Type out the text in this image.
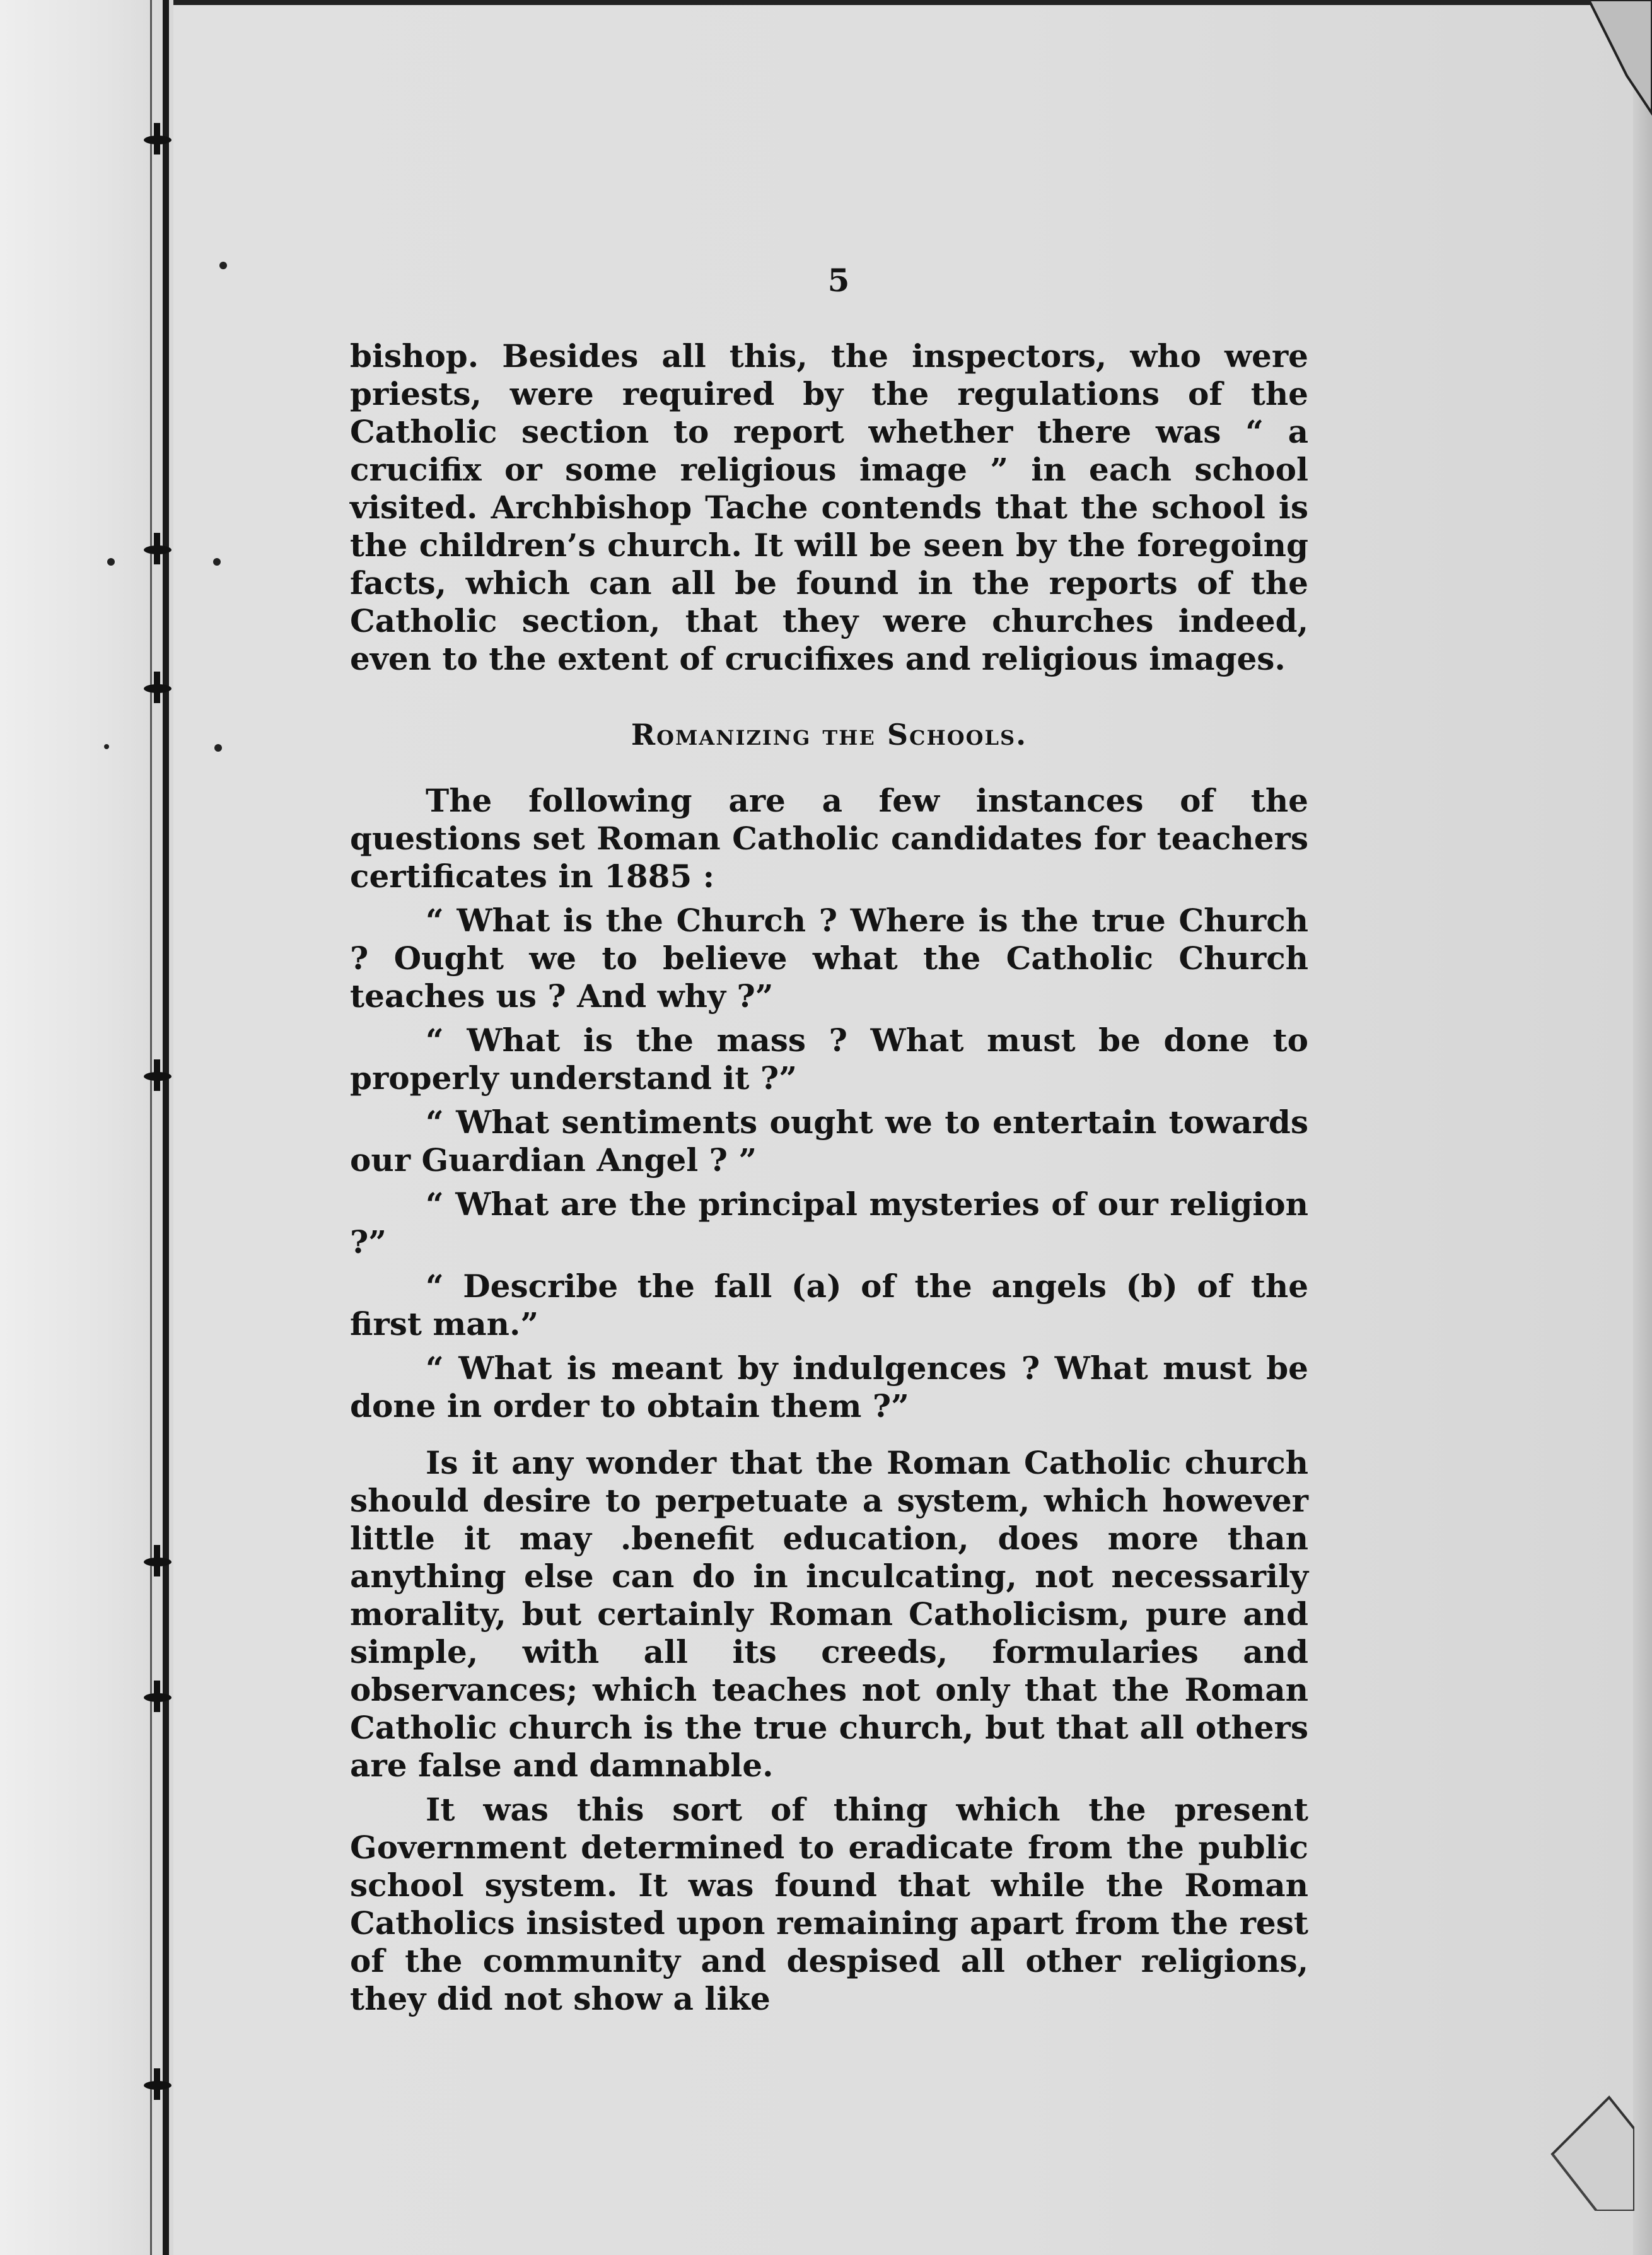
5

bishop. Besides all this, the inspectors, who were priests, were required by the regulations of the Catholic section to report whether there was “ a crucifix or some religious image ” in each school visited. Archbishop Tache contends that the school is the children’s church. It will be seen by the foregoing facts, which can all be found in the reports of the Catholic section, that they were churches indeed, even to the extent of crucifixes and religious images.

Romanizing the Schools.

The following are a few instances of the questions set Roman Catholic candidates for teachers certificates in 1885 :

“ What is the Church ? Where is the true Church ? Ought we to believe what the Catholic Church teaches us ? And why ?”

“ What is the mass ? What must be done to properly understand it ?”

“ What sentiments ought we to entertain towards our Guardian Angel ? ”

“ What are the principal mysteries of our religion ?”

“ Describe the fall (a) of the angels (b) of the first man.”

“ What is meant by indulgences ? What must be done in order to obtain them ?”

Is it any wonder that the Roman Catholic church should desire to perpetuate a system, which however little it may .benefit education, does more than anything else can do in inculcating, not necessarily morality, but certainly Roman Catholicism, pure and simple, with all its creeds, formularies and observances; which teaches not only that the Roman Catholic church is the true church, but that all others are false and damnable.

It was this sort of thing which the present Government determined to eradicate from the public school system. It was found that while the Roman Catholics insisted upon remaining apart from the rest of the community and despised all other religions, they did not show a like
